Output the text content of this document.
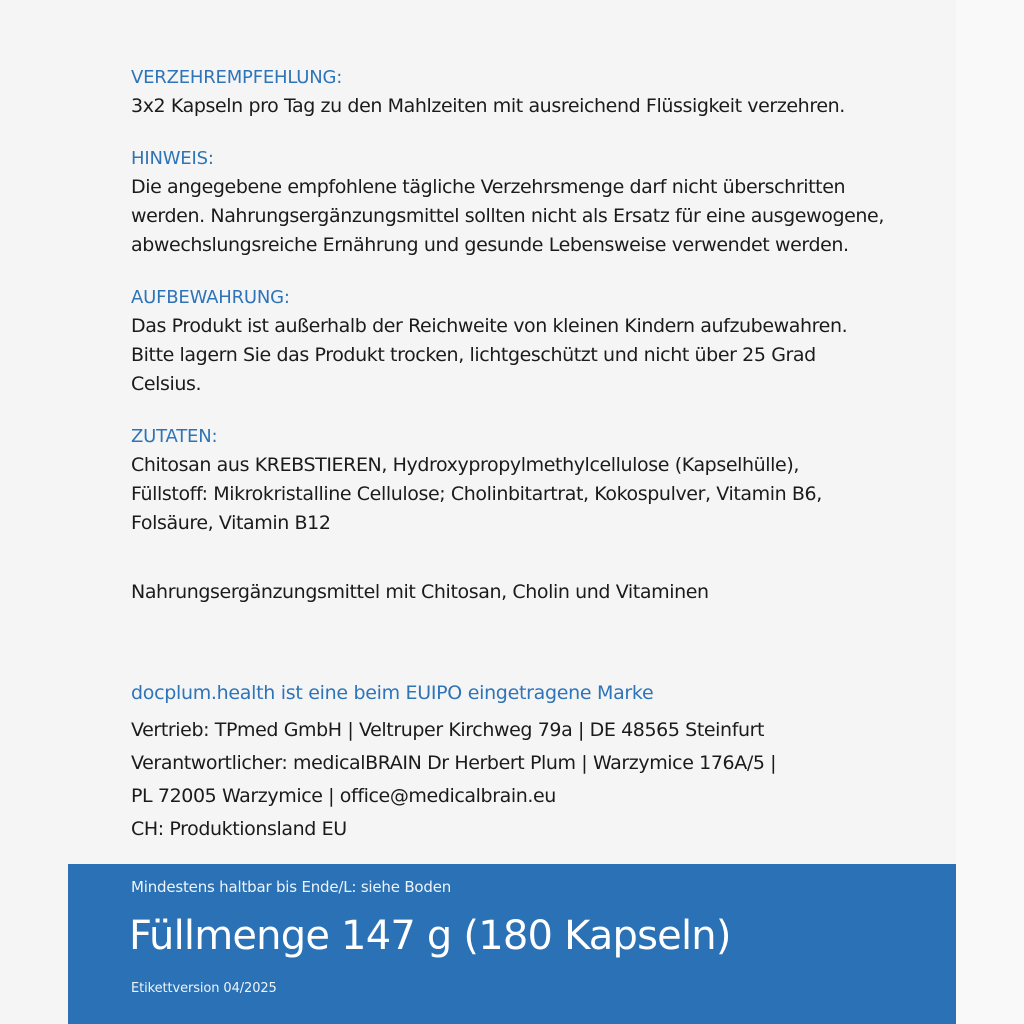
VERZEHREMPFEHLUNG:
3x2 Kapseln pro Tag zu den Mahlzeiten mit ausreichend Flüssigkeit verzehren.
HINWEIS:
Die angegebene empfohlene tägliche Verzehrsmenge darf nicht überschritten
werden. Nahrungsergänzungsmittel sollten nicht als Ersatz für eine ausgewogene,
abwechslungsreiche Ernährung und gesunde Lebensweise verwendet werden.
AUFBEWAHRUNG:
Das Produkt ist außerhalb der Reichweite von kleinen Kindern aufzubewahren.
Bitte lagern Sie das Produkt trocken, lichtgeschützt und nicht über 25 Grad
Celsius.
ZUTATEN:
Chitosan aus KREBSTIEREN, Hydroxypropylmethylcellulose (Kapselhülle),
Füllstoff: Mikrokristalline Cellulose; Cholinbitartrat, Kokospulver, Vitamin B6,
Folsäure, Vitamin B12
Nahrungsergänzungsmittel mit Chitosan, Cholin und Vitaminen
docplum.health ist eine beim EUIPO eingetragene Marke
Vertrieb: TPmed GmbH | Veltruper Kirchweg 79a | DE 48565 Steinfurt
Verantwortlicher: medicalBRAIN Dr Herbert Plum | Warzymice 176A/5 |
PL 72005 Warzymice | office@medicalbrain.eu
CH: Produktionsland EU
Mindestens haltbar bis Ende/L: siehe Boden
Füllmenge 147 g (180 Kapseln)
Etikettversion 04/2025
